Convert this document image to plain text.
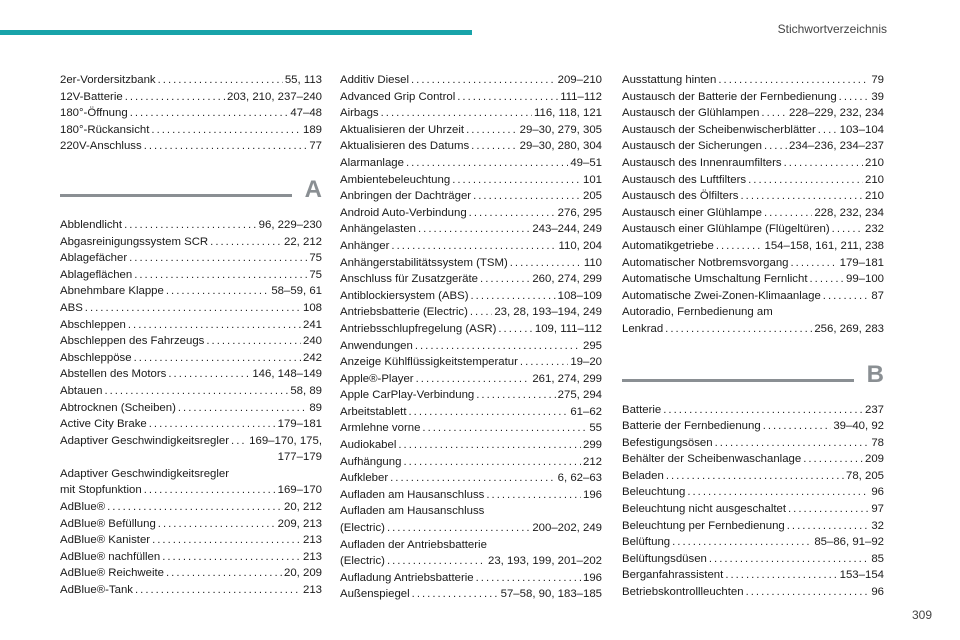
Stichwortverzeichnis
2er-Vordersitzbank .....	55, 113
12V-Batterie .....	203, 210, 237–240
180°-Öffnung .....	47–48
180°-Rückansicht .....	189
220V-Anschluss .....	77
A
Abblendlicht .....	96, 229–230
Abgasreinigungssystem SCR .....	22, 212
Ablagefächer .....	75
Ablageflächen .....	75
Abnehmbare Klappe .....	58–59, 61
ABS .....	108
Abschleppen .....	241
Abschleppen des Fahrzeugs .....	240
Abschleppöse .....	242
Abstellen des Motors .....	146, 148–149
Abtauen .....	58, 89
Abtrocknen (Scheiben) .....	89
Active City Brake .....	179–181
Adaptiver Geschwindigkeitsregler ..... 169–170, 175,
177–179
Adaptiver Geschwindigkeitsregler
mit Stopfunktion .....	169–170
AdBlue® .....	20, 212
AdBlue® Befüllung .....	209, 213
AdBlue® Kanister .....	213
AdBlue® nachfüllen .....	213
AdBlue® Reichweite .....	20, 209
AdBlue®-Tank .....	213
Additiv Diesel .....	209–210
Advanced Grip Control .....	111–112
Airbags .....	116, 118, 121
Aktualisieren der Uhrzeit .....	29–30, 279, 305
Aktualisieren des Datums .....	29–30, 280, 304
Alarmanlage .....	49–51
Ambientebeleuchtung .....	101
Anbringen der Dachträger .....	205
Android Auto-Verbindung .....	276, 295
Anhängelasten .....	243–244, 249
Anhänger .....	110, 204
Anhängerstabilitätssystem (TSM) .....	110
Anschluss für Zusatzgeräte .....	260, 274, 299
Antiblockiersystem (ABS) .....	108–109
Antriebsbatterie (Electric) ..... 23, 28, 193–194, 249
Antriebsschlupfregelung (ASR) .....	109, 111–112
Anwendungen .....	295
Anzeige Kühlflüssigkeitstemperatur .....	19–20
Apple®-Player .....	261, 274, 299
Apple CarPlay-Verbindung .....	275, 294
Arbeitstablett .....	61–62
Armlehne vorne .....	55
Audiokabel .....	299
Aufhängung .....	212
Aufkleber .....	6, 62–63
Aufladen am Hausanschluss .....	196
Aufladen am Hausanschluss
(Electric) .....	200–202, 249
Aufladen der Antriebsbatterie
(Electric) .....	23, 193, 199, 201–202
Aufladung Antriebsbatterie .....	196
Außenspiegel .....	57–58, 90, 183–185
Ausstattung hinten .....	79
Austausch der Batterie der Fernbedienung .....	39
Austausch der Glühlampen .....	228–229, 232, 234
Austausch der Scheibenwischerblätter ..... 103–104
Austausch der Sicherungen ..... 234–236, 234–237
Austausch des Innenraumfilters .....	210
Austausch des Luftfilters .....	210
Austausch des Ölfilters .....	210
Austausch einer Glühlampe .....	228, 232, 234
Austausch einer Glühlampe (Flügeltüren) .....	232
Automatikgetriebe .....	154–158, 161, 211, 238
Automatischer Notbremsvorgang .....	179–181
Automatische Umschaltung Fernlicht .....	99–100
Automatische Zwei-Zonen-Klimaanlage .....	87
Autoradio, Fernbedienung am
Lenkrad .....	256, 269, 283
B
Batterie .....	237
Batterie der Fernbedienung .....	39–40, 92
Befestigungsösen .....	78
Behälter der Scheibenwaschanlage .....	209
Beladen .....	78, 205
Beleuchtung .....	96
Beleuchtung nicht ausgeschaltet .....	97
Beleuchtung per Fernbedienung .....	32
Belüftung .....	85–86, 91–92
Belüftungsdüsen .....	85
Berganfahrassistent .....	153–154
Betriebskontrollleuchten .....	96
309
